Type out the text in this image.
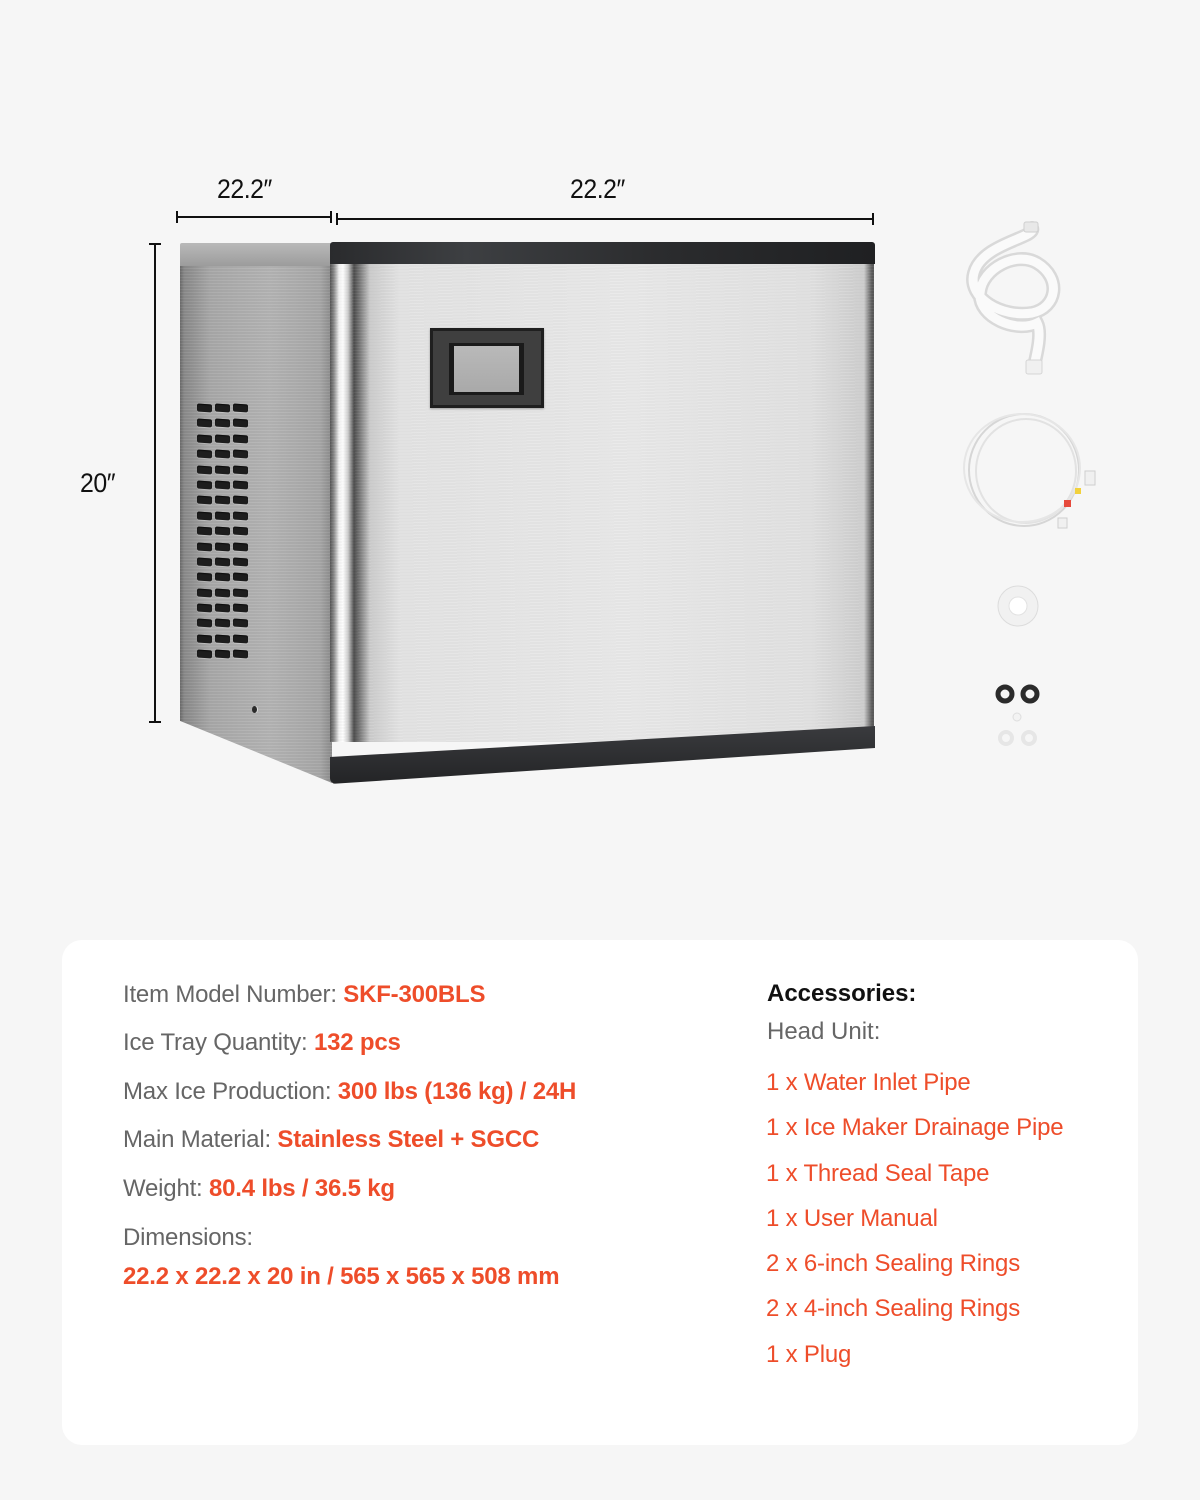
22.2″	22.2″
20″
Item Model Number: SKF-300BLS
Ice Tray Quantity: 132 pcs
Max Ice Production: 300 lbs (136 kg) / 24H
Main Material: Stainless Steel + SGCC
Weight: 80.4 lbs / 36.5 kg
Dimensions:
22.2 x 22.2 x 20 in / 565 x 565 x 508 mm
Accessories:
Head Unit:
1 x Water Inlet Pipe
1 x Ice Maker Drainage Pipe
1 x Thread Seal Tape
1 x User Manual
2 x 6-inch Sealing Rings
2 x 4-inch Sealing Rings
1 x Plug
